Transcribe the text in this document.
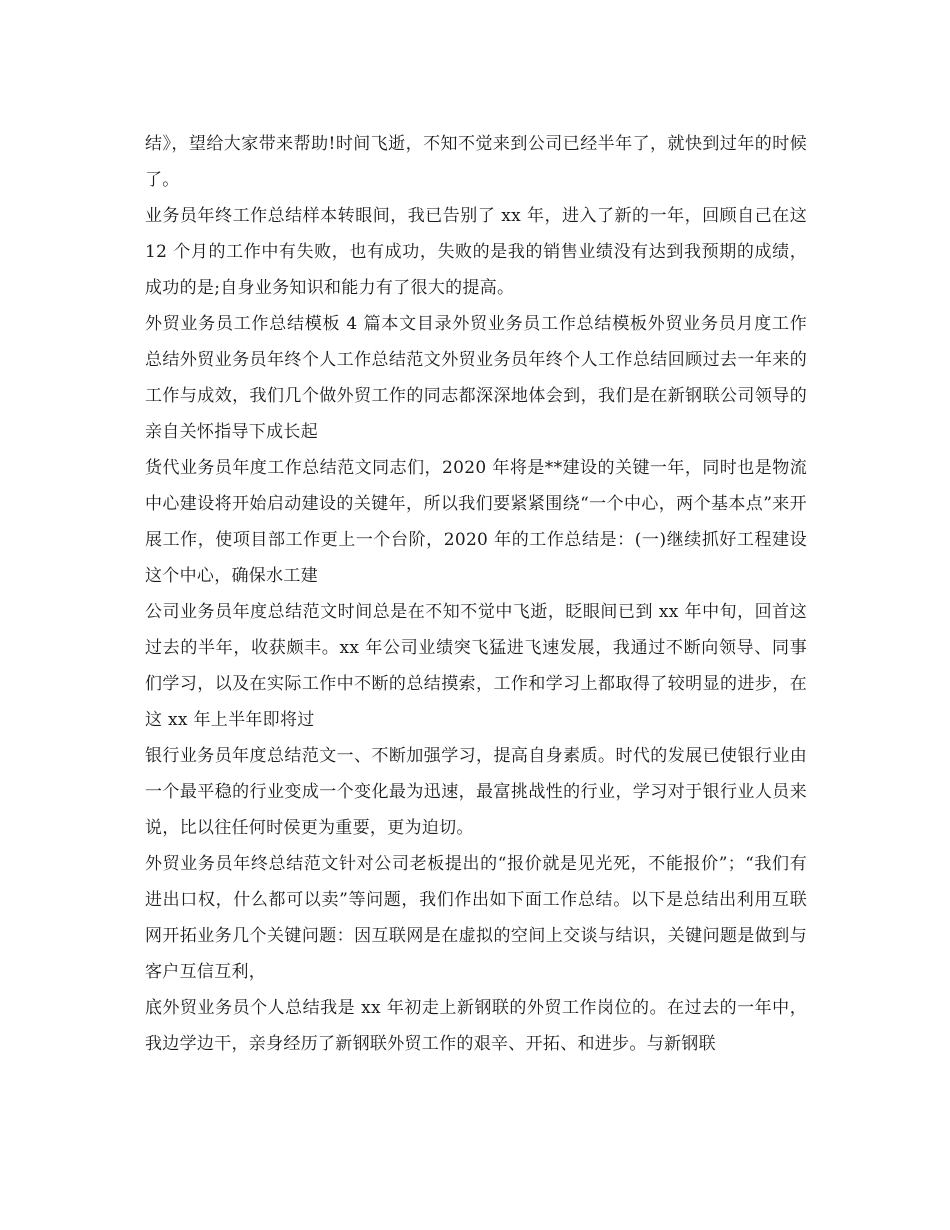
结》，望给大家带来帮助!时间飞逝，不知不觉来到公司已经半年了，就快到过年的时候了。

业务员年终工作总结样本转眼间，我已告别了 xx 年，进入了新的一年，回顾自己在这 12 个月的工作中有失败，也有成功，失败的是我的销售业绩没有达到我预期的成绩，成功的是;自身业务知识和能力有了很大的提高。

外贸业务员工作总结模板 4 篇本文目录外贸业务员工作总结模板外贸业务员月度工作总结外贸业务员年终个人工作总结范文外贸业务员年终个人工作总结回顾过去一年来的工作与成效，我们几个做外贸工作的同志都深深地体会到，我们是在新钢联公司领导的亲自关怀指导下成长起

货代业务员年度工作总结范文同志们，2020 年将是**建设的关键一年，同时也是物流中心建设将开始启动建设的关键年，所以我们要紧紧围绕“一个中心，两个基本点”来开展工作，使项目部工作更上一个台阶，2020 年的工作总结是：(一)继续抓好工程建设这个中心，确保水工建

公司业务员年度总结范文时间总是在不知不觉中飞逝，眨眼间已到 xx 年中旬，回首这过去的半年，收获颇丰。xx 年公司业绩突飞猛进飞速发展，我通过不断向领导、同事们学习，以及在实际工作中不断的总结摸索，工作和学习上都取得了较明显的进步，在这 xx 年上半年即将过

银行业务员年度总结范文一、不断加强学习，提高自身素质。时代的发展已使银行业由一个最平稳的行业变成一个变化最为迅速，最富挑战性的行业，学习对于银行业人员来说，比以往任何时侯更为重要，更为迫切。

外贸业务员年终总结范文针对公司老板提出的“报价就是见光死，不能报价”；“我们有进出口权，什么都可以卖”等问题，我们作出如下面工作总结。以下是总结出利用互联网开拓业务几个关键问题：因互联网是在虚拟的空间上交谈与结识，关键问题是做到与客户互信互利，

底外贸业务员个人总结我是 xx 年初走上新钢联的外贸工作岗位的。在过去的一年中，我边学边干，亲身经历了新钢联外贸工作的艰辛、开拓、和进步。与新钢联
